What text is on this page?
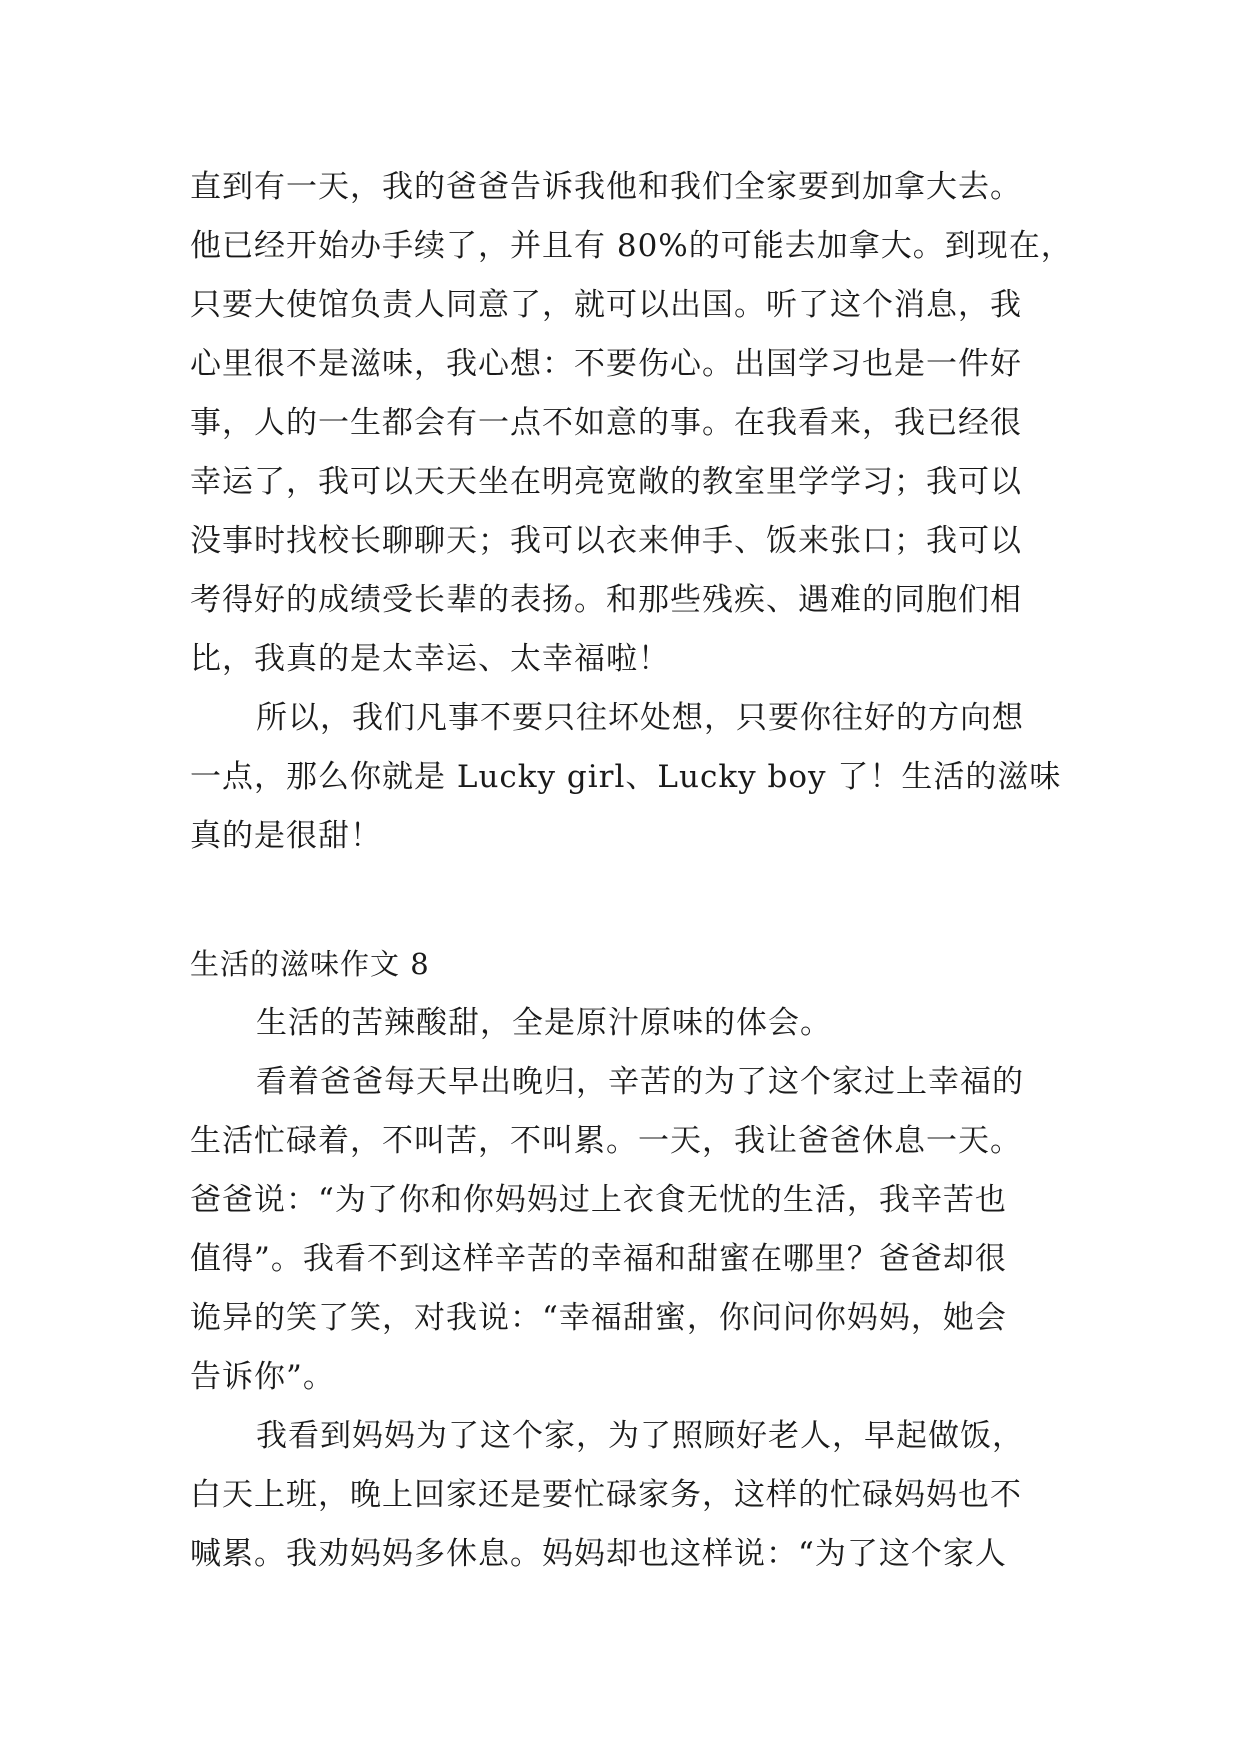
直到有一天，我的爸爸告诉我他和我们全家要到加拿大去。
他已经开始办手续了，并且有 80%的可能去加拿大。到现在，
只要大使馆负责人同意了，就可以出国。听了这个消息，我
心里很不是滋味，我心想：不要伤心。出国学习也是一件好
事，人的一生都会有一点不如意的事。在我看来，我已经很
幸运了，我可以天天坐在明亮宽敞的教室里学学习；我可以
没事时找校长聊聊天；我可以衣来伸手、饭来张口；我可以
考得好的成绩受长辈的表扬。和那些残疾、遇难的同胞们相
比，我真的是太幸运、太幸福啦！
所以，我们凡事不要只往坏处想，只要你往好的方向想
一点，那么你就是 Lucky girl、Lucky boy 了！生活的滋味
真的是很甜！
生活的滋味作文 8
生活的苦辣酸甜，全是原汁原味的体会。
看着爸爸每天早出晚归，辛苦的为了这个家过上幸福的
生活忙碌着，不叫苦，不叫累。一天，我让爸爸休息一天。
爸爸说：“为了你和你妈妈过上衣食无忧的生活，我辛苦也
值得”。我看不到这样辛苦的幸福和甜蜜在哪里？爸爸却很
诡异的笑了笑，对我说：“幸福甜蜜，你问问你妈妈，她会
告诉你”。
我看到妈妈为了这个家，为了照顾好老人，早起做饭，
白天上班，晚上回家还是要忙碌家务，这样的忙碌妈妈也不
喊累。我劝妈妈多休息。妈妈却也这样说：“为了这个家人
